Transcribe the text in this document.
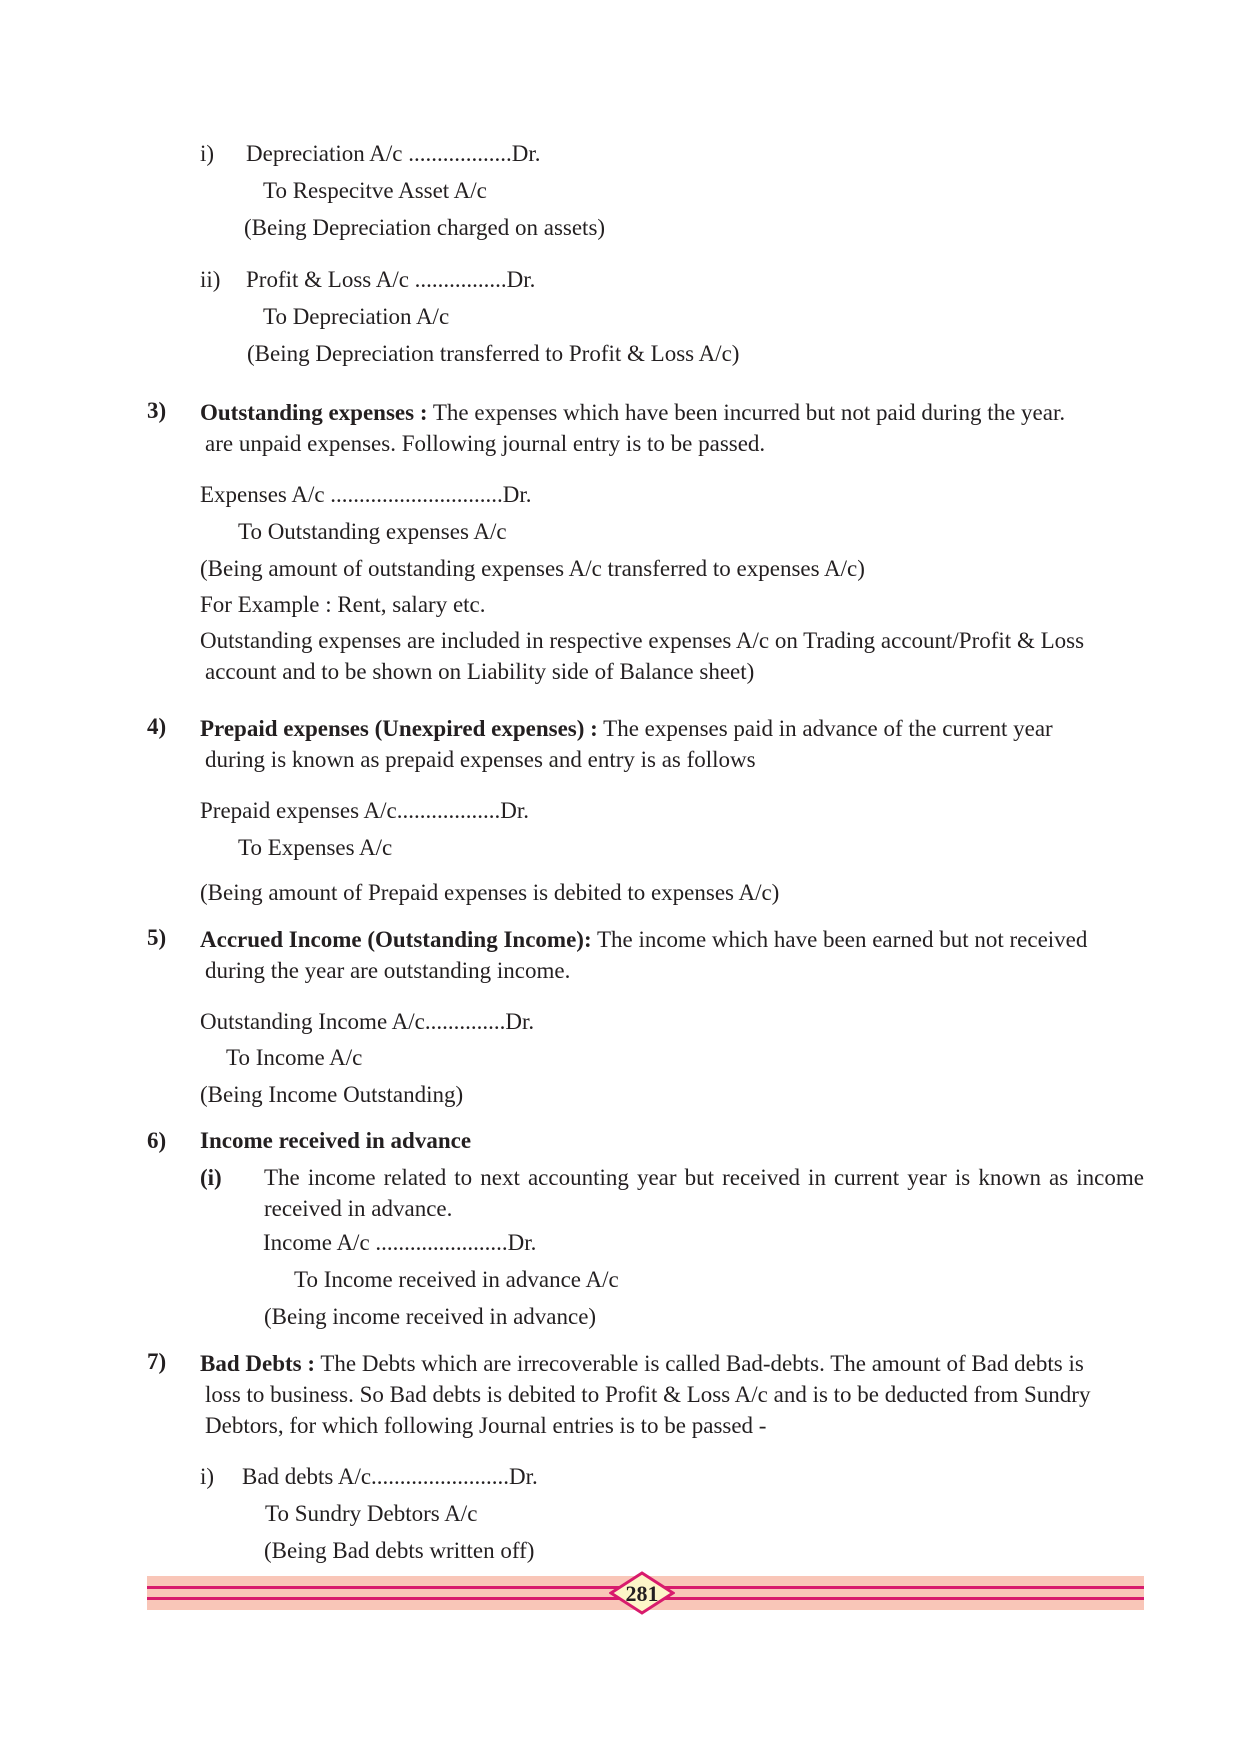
i) Depreciation A/c ..................Dr.
To Respecitve Asset A/c
(Being Depreciation charged on assets)
ii) Profit & Loss A/c ................Dr.
To Depreciation A/c
(Being Depreciation transferred to Profit & Loss A/c)
3) Outstanding expenses : The expenses which have been incurred but not paid during the year.
are unpaid expenses. Following journal entry is to be passed.
Expenses A/c ..............................Dr.
To Outstanding expenses A/c
(Being amount of outstanding expenses A/c transferred to expenses A/c)
For Example : Rent, salary etc.
Outstanding expenses are included in respective expenses A/c on Trading account/Profit & Loss
account and to be shown on Liability side of Balance sheet)
4) Prepaid expenses (Unexpired expenses) : The expenses paid in advance of the current year
during is known as prepaid expenses and entry is as follows
Prepaid expenses A/c..................Dr.
To Expenses A/c
(Being amount of Prepaid expenses is debited to expenses A/c)
5) Accrued Income (Outstanding Income): The income which have been earned but not received
during the year are outstanding income.
Outstanding Income A/c..............Dr.
To Income A/c
(Being Income Outstanding)
6) Income received in advance
(i) The income related to next accounting year but received in current year is known as income received in advance.
Income A/c .......................Dr.
To Income received in advance A/c
(Being income received in advance)
7) Bad Debts : The Debts which are irrecoverable is called Bad-debts. The amount of Bad debts is
loss to business. So Bad debts is debited to Profit & Loss A/c and is to be deducted from Sundry
Debtors, for which following Journal entries is to be passed -
i) Bad debts A/c........................Dr.
To Sundry Debtors A/c
(Being Bad debts written off)
281
